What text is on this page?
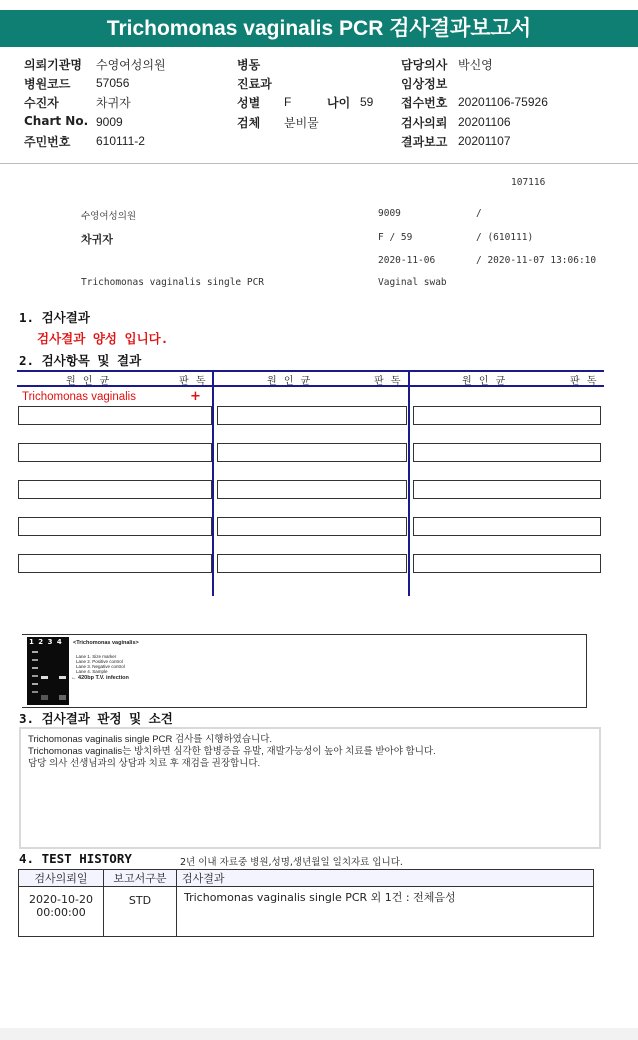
Trichomonas vaginalis PCR 검사결과보고서
의뢰기관명 수영여성의원
병원코드 57056
수진자	차귀자
Chart No. 9009
주민번호 610111-2
병동
진료과
성별 F	나이 59
검체 분비물
담당의사 박신영
임상정보
접수번호 20201106-75926
검사의뢰 20201106
결과보고 20201107
107116
수영여성의원	9009	/
차귀자	F / 59	/ (610111)
2020-11-06	/ 2020-11-07 13:06:10
Trichomonas vaginalis single PCR	Vaginal swab
1. 검사결과
검사결과 양성 입니다.
2. 검사항목 및 결과
원 인 균	판 독	원 인 균	판 독	원 인 균	판 독
Trichomonas vaginalis	+
1 2 3 4 <Trichomonas vaginalis>
Lane 1. Size marker
Lane 2. Positive control
Lane 3. Negative control
Lane 4. Sample
← 420bp T.V. infection
3. 검사결과 판정 및 소견
Trichomonas vaginalis single PCR 검사를 시행하였습니다.
Trichomonas vaginalis는 방치하면 심각한 합병증을 유발, 재발가능성이 높아 치료를 받아야 합니다.
담당 의사 선생님과의 상담과 치료 후 재검을 권장합니다.
4. TEST HISTORY	2년 이내 자료중 병원,성명,생년월일 일치자료 입니다.
검사의뢰일	보고서구분	검사결과

2020-10-20
00:00:00	STD	Trichomonas vaginalis single PCR 외 1건 : 전체음성
